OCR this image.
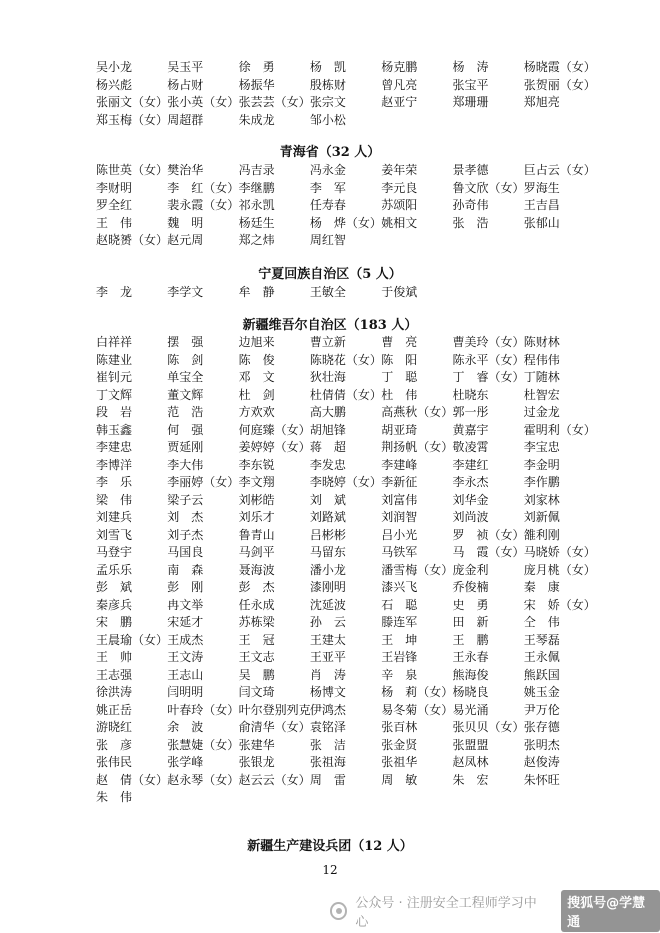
吴小龙	吴玉平	徐　勇	杨　凯	杨克鹏	杨　涛	杨晓霞（女）
杨兴彪	杨占财	杨振华	殷栋财	曾凡亮	张宝平	张贺丽（女）
张丽文（女） 张小英（女） 张芸芸（女） 张宗文	赵亚宁	郑珊珊	郑旭亮
郑玉梅（女） 周超群	朱成龙	邹小松
青海省（32 人）
陈世英（女） 樊治华	冯吉录	冯永金	姜年荣	景孝德	巨占云（女）
李财明	李　红（女） 李继鹏	李　军	李元良	鲁文欣（女） 罗海生
罗全红	裴永霞（女） 祁永凯	任寿春	苏颂阳	孙奇伟	王吉昌
王　伟	魏　明	杨廷生	杨　烨（女） 姚相文	张　浩	张郁山
赵晓赟（女） 赵元周	郑之炜	周红智
宁夏回族自治区（5 人）
李　龙	李学文	牟　静	王敏全	于俊斌
新疆维吾尔自治区（183 人）
白祥祥	摆　强	边旭来	曹立新	曹　亮	曹美玲（女） 陈财林
陈建业	陈　剑	陈　俊	陈晓花（女） 陈　阳	陈永平（女） 程伟伟
崔钊元	单宝全	邓　文	狄壮海	丁　聪	丁　睿（女） 丁随林
丁文辉	董文辉	杜　剑	杜倩倩（女） 杜　伟	杜晓东	杜智宏
段　岩	范　浩	方欢欢	高大鹏	高燕秋（女） 郭一彤	过金龙
韩玉鑫	何　强	何庭臻（女） 胡旭锋	胡亚琦	黄嘉宇	霍明利（女）
李建忠	贾延刚	姜婷婷（女） 蒋　超	荆扬帆（女） 敬凌霄	李宝忠
李博洋	李大伟	李东锐	李发忠	李建峰	李建红	李金明
李　乐	李丽婷（女） 李文翔	李晓婷（女） 李新征	李永杰	李作鹏
梁　伟	梁子云	刘彬皓	刘　斌	刘富伟	刘华金	刘家林
刘建兵	刘　杰	刘乐才	刘路斌	刘润智	刘尚波	刘新佩
刘雪飞	刘子杰	鲁青山	吕彬彬	吕小光	罗　祯（女） 雒利刚
马登宇	马国良	马剑平	马留东	马铁军	马　霞（女） 马晓娇（女）
孟乐乐	南　森	聂海波	潘小龙	潘雪梅（女） 庞金利	庞月桃（女）
彭　斌	彭　刚	彭　杰	漆刚明	漆兴飞	乔俊楠	秦　康
秦彦兵	冉文举	任永成	沈延波	石　聪	史　勇	宋　娇（女）
宋　鹏	宋延才	苏栋梁	孙　云	滕连军	田　新	仝　伟
王晨瑜（女） 王成杰	王　冠	王建太	王　坤	王　鹏	王琴磊
王　帅	王文涛	王文志	王亚平	王岩锋	王永春	王永佩
王志强	王志山	吴　鹏	肖　涛	辛　泉	熊海俊	熊跃国
徐洪涛	闫明明	闫文琦	杨博文	杨　莉（女） 杨晓良	姚玉金
姚正岳	叶春玲（女） 叶尔登别列克 伊鸿杰	易冬菊（女） 易光涌	尹万伦
游晓红	余　波	俞清华（女） 袁铭泽	张百林	张贝贝（女） 张存德
张　彦	张慧婕（女） 张建华	张　洁	张金贤	张盟盟	张明杰
张伟民	张学峰	张银龙	张祖海	张祖华	赵凤林	赵俊涛
赵　倩（女） 赵永琴（女） 赵云云（女） 周　雷	周　敏	朱　宏	朱怀旺
朱　伟
新疆生产建设兵团（12 人）
12
公众号 · 注册安全工程师学习中心
搜狐号@学慧通
